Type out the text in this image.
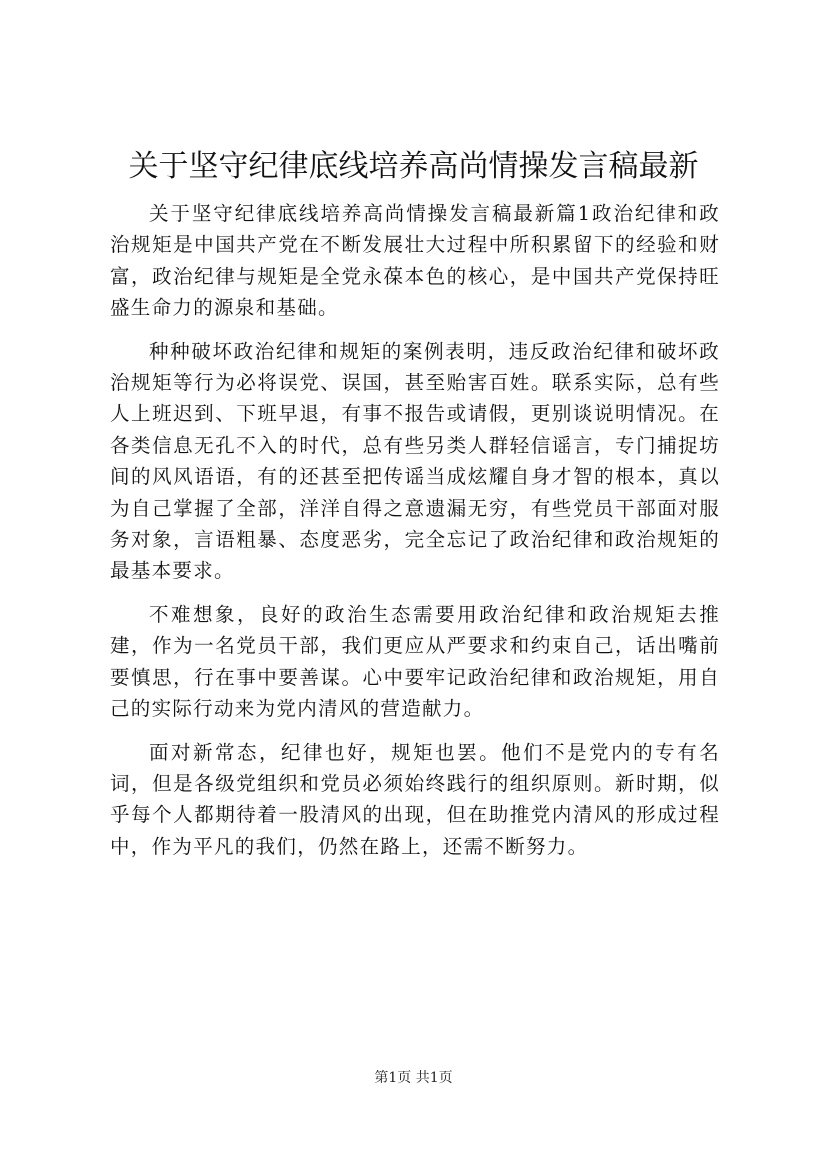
关于坚守纪律底线培养高尚情操发言稿最新

关于坚守纪律底线培养高尚情操发言稿最新篇1政治纪律和政治规矩是中国共产党在不断发展壮大过程中所积累留下的经验和财富，政治纪律与规矩是全党永葆本色的核心，是中国共产党保持旺盛生命力的源泉和基础。

种种破坏政治纪律和规矩的案例表明，违反政治纪律和破坏政治规矩等行为必将误党、误国，甚至贻害百姓。联系实际，总有些人上班迟到、下班早退，有事不报告或请假，更别谈说明情况。在各类信息无孔不入的时代，总有些另类人群轻信谣言，专门捕捉坊间的风风语语，有的还甚至把传谣当成炫耀自身才智的根本，真以为自己掌握了全部，洋洋自得之意遗漏无穷，有些党员干部面对服务对象，言语粗暴、态度恶劣，完全忘记了政治纪律和政治规矩的最基本要求。

不难想象，良好的政治生态需要用政治纪律和政治规矩去推建，作为一名党员干部，我们更应从严要求和约束自己，话出嘴前要慎思，行在事中要善谋。心中要牢记政治纪律和政治规矩，用自己的实际行动来为党内清风的营造献力。

面对新常态，纪律也好，规矩也罢。他们不是党内的专有名词，但是各级党组织和党员必须始终践行的组织原则。新时期，似乎每个人都期待着一股清风的出现，但在助推党内清风的形成过程中，作为平凡的我们，仍然在路上，还需不断努力。

第1页 共1页
